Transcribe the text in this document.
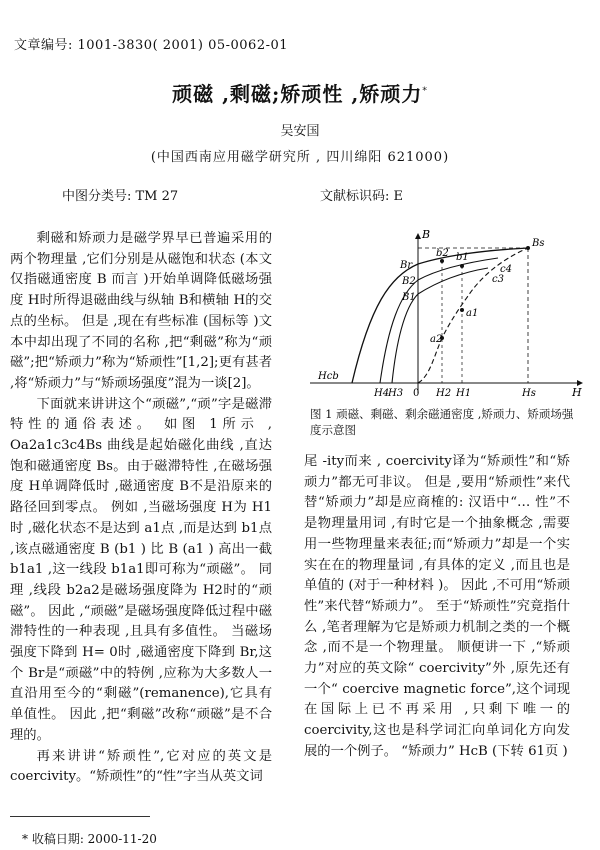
文章编号: 1001-3830( 2001) 05-0062-01
顽磁 ,剩磁;矫顽性 ,矫顽力*
吴安国
(中国西南应用磁学研究所 , 四川绵阳 621000)
中图分类号: TM 27	文献标识码: E

剩磁和矫顽力是磁学界早已普遍采用的两个物理量 ,它们分别是从磁饱和状态 (本文仅指磁通密度 B 而言 )开始单调降低磁场强度 H时所得退磁曲线与纵轴 B和横轴 H的交点的坐标。 但是 ,现在有些标准 (国标等 )文本中却出现了不同的名称 ,把“剩磁”称为“顽磁”;把“矫顽力”称为“矫顽性”[1,2];更有甚者 ,将“矫顽力”与“矫顽场强度”混为一谈[2]。

下面就来讲讲这个“顽磁”,“顽”字是磁滞特性的通俗表述。 如图 1所示 , Oa2a1c3c4Bs 曲线是起始磁化曲线 ,直达饱和磁通密度 Bs。由于磁滞特性 ,在磁场强度 H单调降低时 ,磁通密度 B不是沿原来的路径回到零点。 例如 ,当磁场强度 H为 H1时 ,磁化状态不是达到 a1点 ,而是达到 b1点 ,该点磁通密度 B (b1 ) 比 B (a1 ) 高出一截 b1a1 ,这一线段 b1a1即可称为“顽磁”。 同理 ,线段 b2a2是磁场强度降为 H2时的“顽磁”。 因此 ,“顽磁”是磁场强度降低过程中磁滞特性的一种表现 ,且具有多值性。 当磁场强度下降到 H= 0时 ,磁通密度下降到 Br,这个 Br是“顽磁”中的特例 ,应称为大多数人一直沿用至今的“剩磁”(remanence),它具有单值性。 因此 ,把“剩磁”改称“顽磁”是不合理的。

再来讲讲“矫顽性”,它对应的英文是 coercivity。“矫顽性”的“性”字当从英文词

B
Bs
Br
b2 b1
B2
B1
c4
c3
a1
a2
Hcb
H4
H3 0 H2 H1	Hs	H
图 1 顽磁、剩磁、剩余磁通密度 ,矫顽力、矫顽场强度示意图

尾 -ity而来 , coercivity译为“矫顽性”和“矫顽力”都无可非议。 但是 ,要用“矫顽性”来代替“矫顽力”却是应商榷的: 汉语中“… 性”不是物理量用词 ,有时它是一个抽象概念 ,需要用一些物理量来表征;而“矫顽力”却是一个实实在在的物理量词 ,有具体的定义 ,而且也是单值的 (对于一种材料 )。 因此 ,不可用“矫顽性”来代替“矫顽力”。 至于“矫顽性”究竟指什么 ,笔者理解为它是矫顽力机制之类的一个概念 ,而不是一个物理量。 顺便讲一下 ,“矫顽力”对应的英文除“ coercivity”外 ,原先还有一个“ coercive magnetic force”,这个词现在国际上已不再采用 ,只剩下唯一的 coercivity,这也是科学词汇向单词化方向发展的一个例子。 “矫顽力” HcB (下转 61页 )

* 收稿日期: 2000-11-20
